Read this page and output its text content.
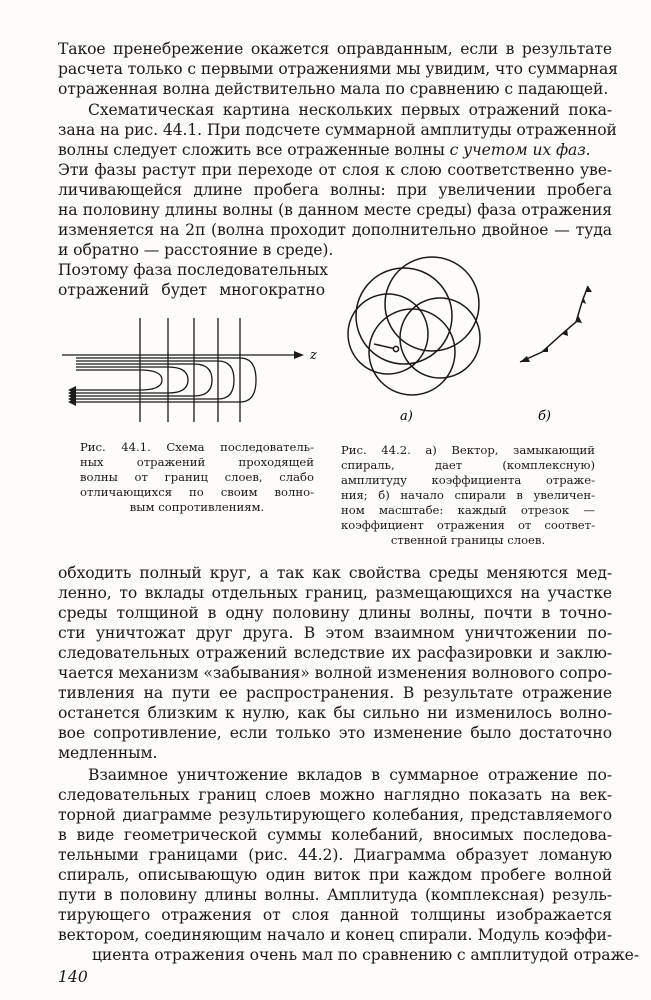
Такое пренебрежение окажется оправданным, если в результате

расчета только с первыми отражениями мы увидим, что суммарная

отраженная волна действительно мала по сравнению с падающей.

Схематическая картина нескольких первых отражений пока-

зана на рис. 44.1. При подсчете суммарной амплитуды отраженной

волны следует сложить все отраженные волны с учетом их фаз.

Эти фазы растут при переходе от слоя к слою соответственно уве-

личивающейся длине пробега волны: при увеличении пробега

на половину длины волны (в данном месте среды) фаза отражения

изменяется на 2π (волна проходит дополнительно двойное — туда

и обратно — расстояние в среде).

Поэтому фаза последовательных

отражений будет многократно

z

Рис. 44.1. Схема последователь-

ных отражений проходящей

волны от границ слоев, слабо

отличающихся по своим волно-

вым сопротивлениям.

а)	б)

Рис. 44.2. а) Вектор, замыкающий

спираль, дает (комплексную)

амплитуду коэффициента отраже-

ния; б) начало спирали в увеличен-

ном масштабе: каждый отрезок —

коэффициент отражения от соответ-

ственной границы слоев.

обходить полный круг, а так как свойства среды меняются мед-

ленно, то вклады отдельных границ, размещающихся на участке

среды толщиной в одну половину длины волны, почти в точно-

сти уничтожат друг друга. В этом взаимном уничтожении по-

следовательных отражений вследствие их расфазировки и заклю-

чается механизм «забывания» волной изменения волнового сопро-

тивления на пути ее распространения. В результате отражение

останется близким к нулю, как бы сильно ни изменилось волно-

вое сопротивление, если только это изменение было достаточно

медленным.

Взаимное уничтожение вкладов в суммарное отражение по-

следовательных границ слоев можно наглядно показать на век-

торной диаграмме результирующего колебания, представляемого

в виде геометрической суммы колебаний, вносимых последова-

тельными границами (рис. 44.2). Диаграмма образует ломаную

спираль, описывающую один виток при каждом пробеге волной

пути в половину длины волны. Амплитуда (комплексная) резуль-

тирующего отражения от слоя данной толщины изображается

вектором, соединяющим начало и конец спирали. Модуль коэффи-

циента отражения очень мал по сравнению с амплитудой отраже-

140
